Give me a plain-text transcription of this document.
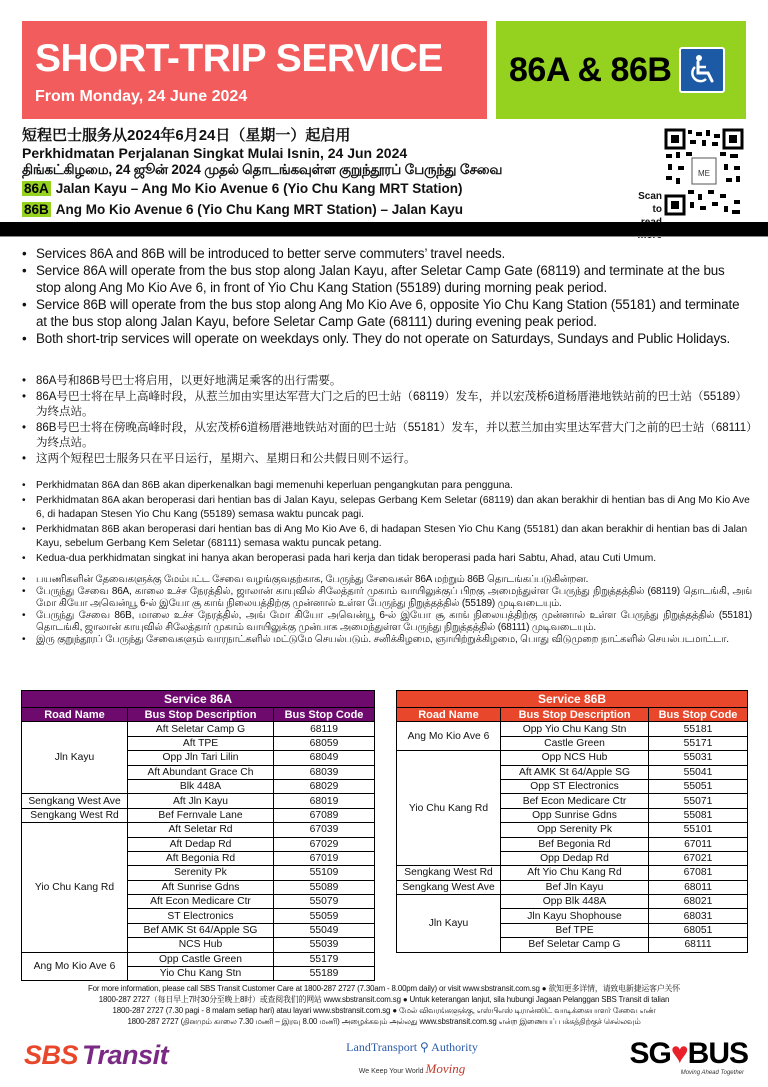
SHORT-TRIP SERVICE
From Monday, 24 June 2024
86A & 86B
短程巴士服务从2024年6月24日（星期一）起启用
Perkhidmatan Perjalanan Singkat Mulai Isnin, 24 Jun 2024
திங்கட்கிழமை, 24 ஜூன் 2024 முதல் தொடங்கவுள்ள குறுந்தூரப் பேருந்து சேவை
86A Jalan Kayu – Ang Mo Kio Avenue 6 (Yio Chu Kang MRT Station)
86B Ang Mo Kio Avenue 6 (Yio Chu Kang MRT Station) – Jalan Kayu
Scan to
ME
• Services 86A and 86B will be introduced to better serve commuters’ travel needs.
• Service 86A will operate from the bus stop along Jalan Kayu, after Seletar Camp Gate (68119) and terminate at the bus stop along Ang Mo Kio Ave 6, in front of Yio Chu Kang Station (55189) during morning peak period.
• Service 86B will operate from the bus stop along Ang Mo Kio Ave 6, opposite Yio Chu Kang Station (55181) and terminate at the bus stop along Jalan Kayu, before Seletar Camp Gate (68111) during evening peak period.
• Both short-trip services will operate on weekdays only. They do not operate on Saturdays, Sundays and Public Holidays.
• 86A号和86B号巴士将启用，以更好地满足乘客的出行需要。
• 86A号巴士将在早上高峰时段，从惹兰加由实里达军营大门之后的巴士站（68119）发车，并以宏茂桥6道杨厝港地铁站前的巴士站（55189）为终点站。
• 86B号巴士将在傍晚高峰时段，从宏茂桥6道杨厝港地铁站对面的巴士站（55181）发车，并以惹兰加由实里达军营大门之前的巴士站（68111）为终点站。
• 这两个短程巴士服务只在平日运行，星期六、星期日和公共假日则不运行。
• Perkhidmatan 86A dan 86B akan diperkenalkan bagi memenuhi keperluan pengangkutan para pengguna.
• Perkhidmatan 86A akan beroperasi dari hentian bas di Jalan Kayu, selepas Gerbang Kem Seletar (68119) dan akan berakhir di hentian bas di Ang Mo Kio Ave 6, di hadapan Stesen Yio Chu Kang (55189) semasa waktu puncak pagi.
• Perkhidmatan 86B akan beroperasi dari hentian bas di Ang Mo Kio Ave 6, di hadapan Stesen Yio Chu Kang (55181) dan akan berakhir di hentian bas di Jalan Kayu, sebelum Gerbang Kem Seletar (68111) semasa waktu puncak petang.
• Kedua-dua perkhidmatan singkat ini hanya akan beroperasi pada hari kerja dan tidak beroperasi pada hari Sabtu, Ahad, atau Cuti Umum.
• பயணிகளின் தேவைகளுக்கு மேம்பட்ட சேவை வழங்குவதற்காக, பேருந்து சேவைகள் 86A மற்றும் 86B தொடங்கப்படுகின்றன.
• பேருந்து சேவை 86A, காலை உச்ச நேரத்தில், ஜாலான் காயுவில் சிலேத்தார் முகாம் வாயிலுக்குப் பிறகு அமைந்துள்ள பேருந்து நிறுத்தத்தில் (68119) தொடங்கி, அங் மோ கியோ அவென்யூ 6-ல் இயோ சூ காங் நிலையத்திற்கு முன்னால் உள்ள பேருந்து நிறுத்தத்தில் (55189) முடிவடையும்.
• பேருந்து சேவை 86B, மாலை உச்ச நேரத்தில், அங் மோ கியோ அவென்யூ 6-ல் இயோ சூ காங் நிலையத்திற்கு முன்னால் உள்ள பேருந்து நிறுத்தத்தில் (55181) தொடங்கி, ஜாலான் காயுவில் சிலேத்தார் முகாம் வாயிலுக்கு முன்பாக அமைந்துள்ள பேருந்து நிறுத்தத்தில் (68111) முடிவடையும்.
• இரு குறுந்தூரப் பேருந்து சேவைகளும் வாரநாட்களில் மட்டுமே செயல்படும். சனிக்கிழமை, ஞாயிற்றுக்கிழமை, பொது விடுமுறை நாட்களில் செயல்படமாட்டா.
Service 86A		
Road Name	Bus Stop Description	Bus Stop Code
Jln Kayu	Aft Seletar Camp G	68119
	Aft TPE	68059
	Opp Jln Tari Lilin	68049
	Aft Abundant Grace Ch	68039
	Blk 448A	68029
Sengkang West Ave	Aft Jln Kayu	68019
Sengkang West Rd	Bef Fernvale Lane	67089
Yio Chu Kang Rd	Aft Seletar Rd	67039
	Aft Dedap Rd	67029
	Aft Begonia Rd	67019
	Serenity Pk	55109
	Aft Sunrise Gdns	55089
	Aft Econ Medicare Ctr	55079
	ST Electronics	55059
	Bef AMK St 64/Apple SG	55049
	NCS Hub	55039
Ang Mo Kio Ave 6	Opp Castle Green	55179
	Yio Chu Kang Stn	55189
Service 86B		
Road Name	Bus Stop Description	Bus Stop Code
Ang Mo Kio Ave 6	Opp Yio Chu Kang Stn	55181
	Castle Green	55171
Yio Chu Kang Rd	Opp NCS Hub	55031
	Aft AMK St 64/Apple SG	55041
	Opp ST Electronics	55051
	Bef Econ Medicare Ctr	55071
	Opp Sunrise Gdns	55081
	Opp Serenity Pk	55101
	Bef Begonia Rd	67011
	Opp Dedap Rd	67021
Sengkang West Rd	Aft Yio Chu Kang Rd	67081
Sengkang West Ave	Bef Jln Kayu	68011
Jln Kayu	Opp Blk 448A	68021
	Jln Kayu Shophouse	68031
	Bef TPE	68051
	Bef Seletar Camp G	68111
For more information, please call SBS Transit Customer Care at 1800-287 2727 (7.30am - 8.00pm daily) or visit www.sbstransit.com.sg ● 欲知更多详情，请致电新捷运客户关怀
1800-287 2727（每日早上7时30分至晚上8时）或查阅我们的网站 www.sbstransit.com.sg ● Untuk keterangan lanjut, sila hubungi Jagaan Pelanggan SBS Transit di talian
1800-287 2727 (7.30 pagi - 8 malam setiap hari) atau layari www.sbstransit.com.sg ● மேல் விவரங்களுக்கு, எஸ்பிஎஸ் டிரான்ஸிட் வாடிக்கையாளர் சேவை எண்
1800-287 2727 (தினமும் காலை 7.30 மணி – இரவு 8.00 மணி) அழைக்கவும் அல்லது www.sbstransit.com.sg என்ற இணையப் பக்கத்திற்குச் செல்லவும்
SBS Transit	LandTransport ⚲ Authority
We Keep Your World Moving	SG♥BUS
Moving Ahead Together
